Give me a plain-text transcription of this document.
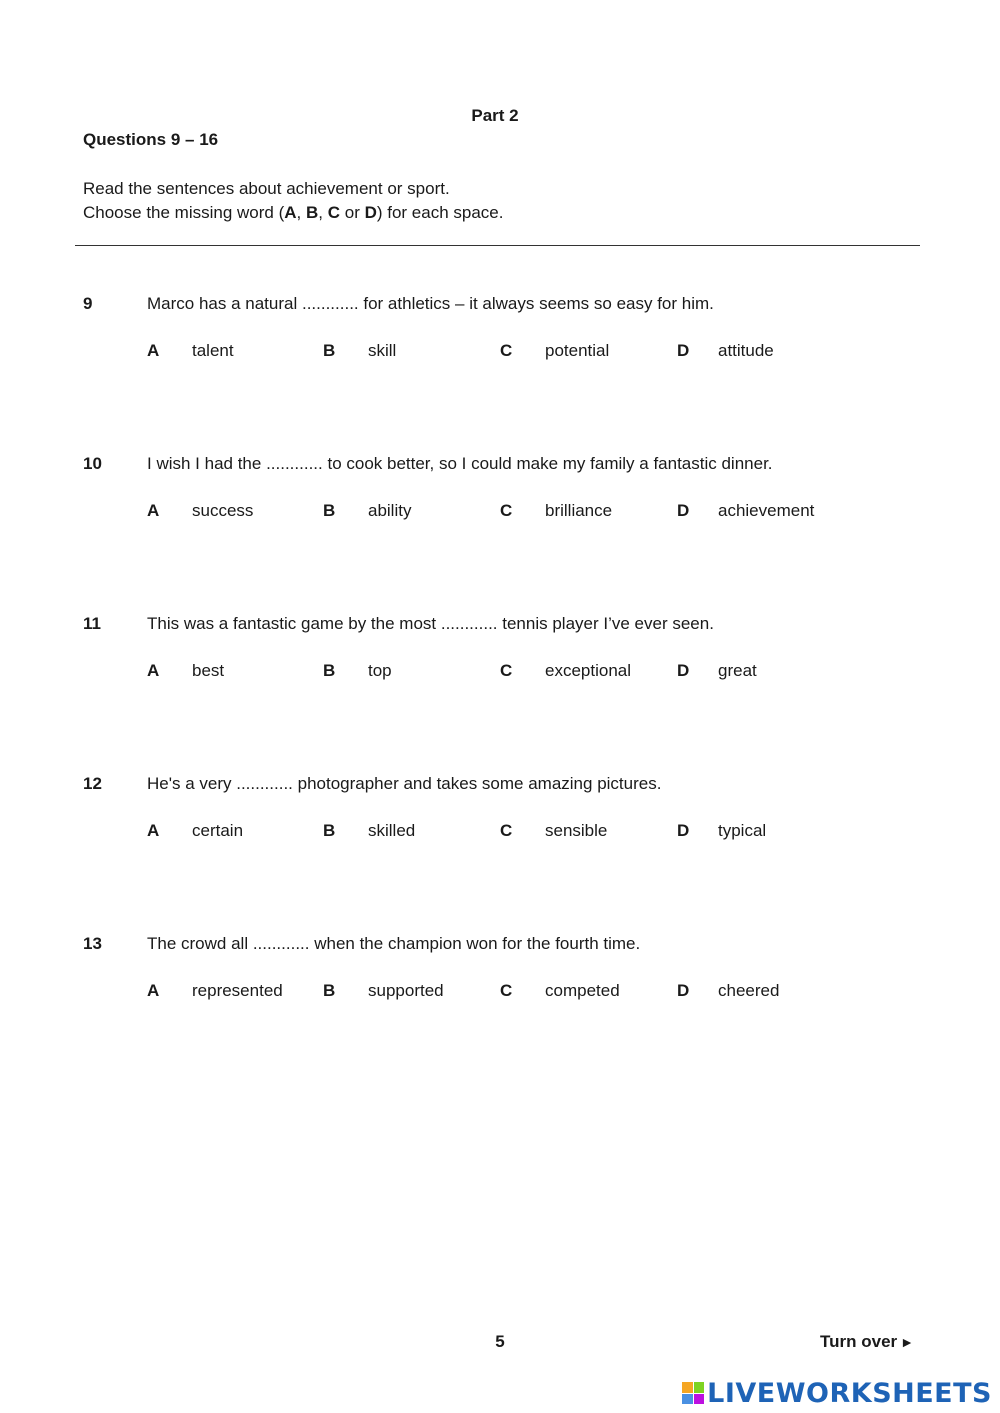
Part 2
Questions 9 – 16
Read the sentences about achievement or sport.
Choose the missing word (A, B, C or D) for each space.
9	Marco has a natural ............ for athletics – it always seems so easy for him.
A talent	B skill	C potential	D attitude
10	I wish I had the ............ to cook better, so I could make my family a fantastic dinner.
A success	B ability	C brilliance	D achievement
11	This was a fantastic game by the most ............ tennis player I’ve ever seen.
A best	B top	C exceptional	D great
12	He's a very ............ photographer and takes some amazing pictures.
A certain	B skilled	C sensible	D typical
13	The crowd all ............ when the champion won for the fourth time.
A represented B supported	C competed	D cheered
5	Turn over ►
LIVEWORKSHEETS
